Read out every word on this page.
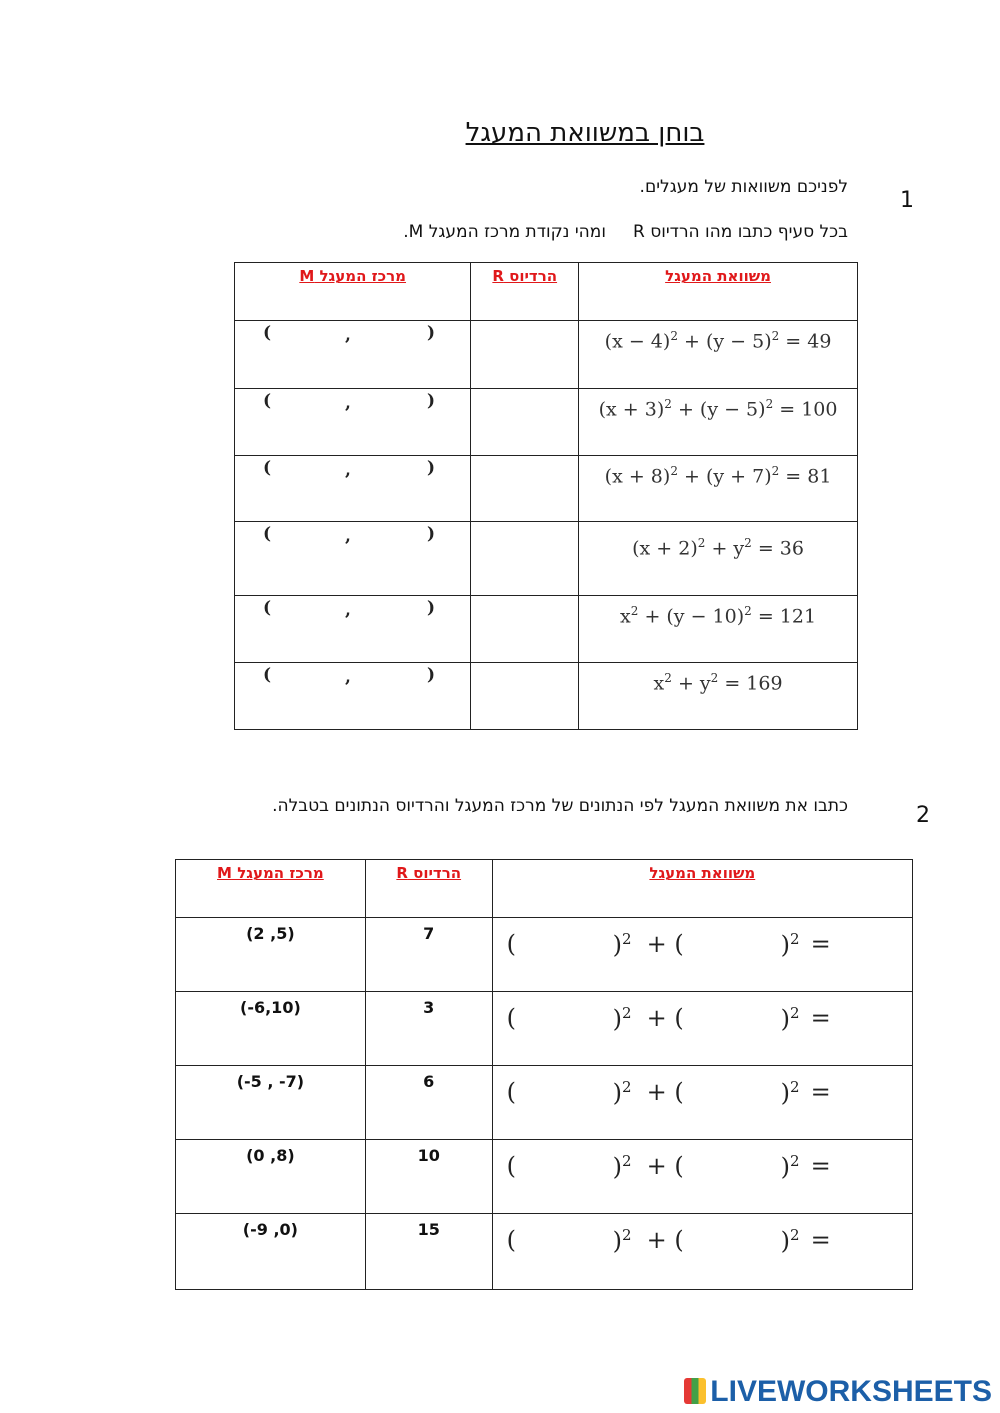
בוחן במשוואת המעגל
1
לפניכם משוואות של מעגלים.
בכל סעיף כתבו מהו הרדיוס R     ומהי נקודת מרכז המעגל M.
מרכז המעגל M	הרדיוס R	משוואת המעגל

( , )		$(x - 4)^2 + (y - 5)^2 = 49$

( , )		$(x + 3)^2 + (y - 5)^2 = 100$

( , )		$(x + 8)^2 + (y + 7)^2 = 81$

( , )		$(x + 2)^2 + y^2 = 36$

( , )		$x^2 + (y - 10)^2 = 121$

( , )		$x^2 + y^2 = 169$
2
כתבו את משוואת המעגל לפי הנתונים של מרכז המעגל והרדיוס הנתונים בטבלה.
מרכז המעגל M	הרדיוס R	משוואת המעגל

(2 ,5)	7	( )$^2$ + ( )$^2$ =

(-6,10)	3	( )$^2$ + ( )$^2$ =

(-5 , -7)	6	( )$^2$ + ( )$^2$ =

(0 ,8)	10	( )$^2$ + ( )$^2$ =

(-9 ,0)	15	( )$^2$ + ( )$^2$ =
LIVEWORKSHEETS
